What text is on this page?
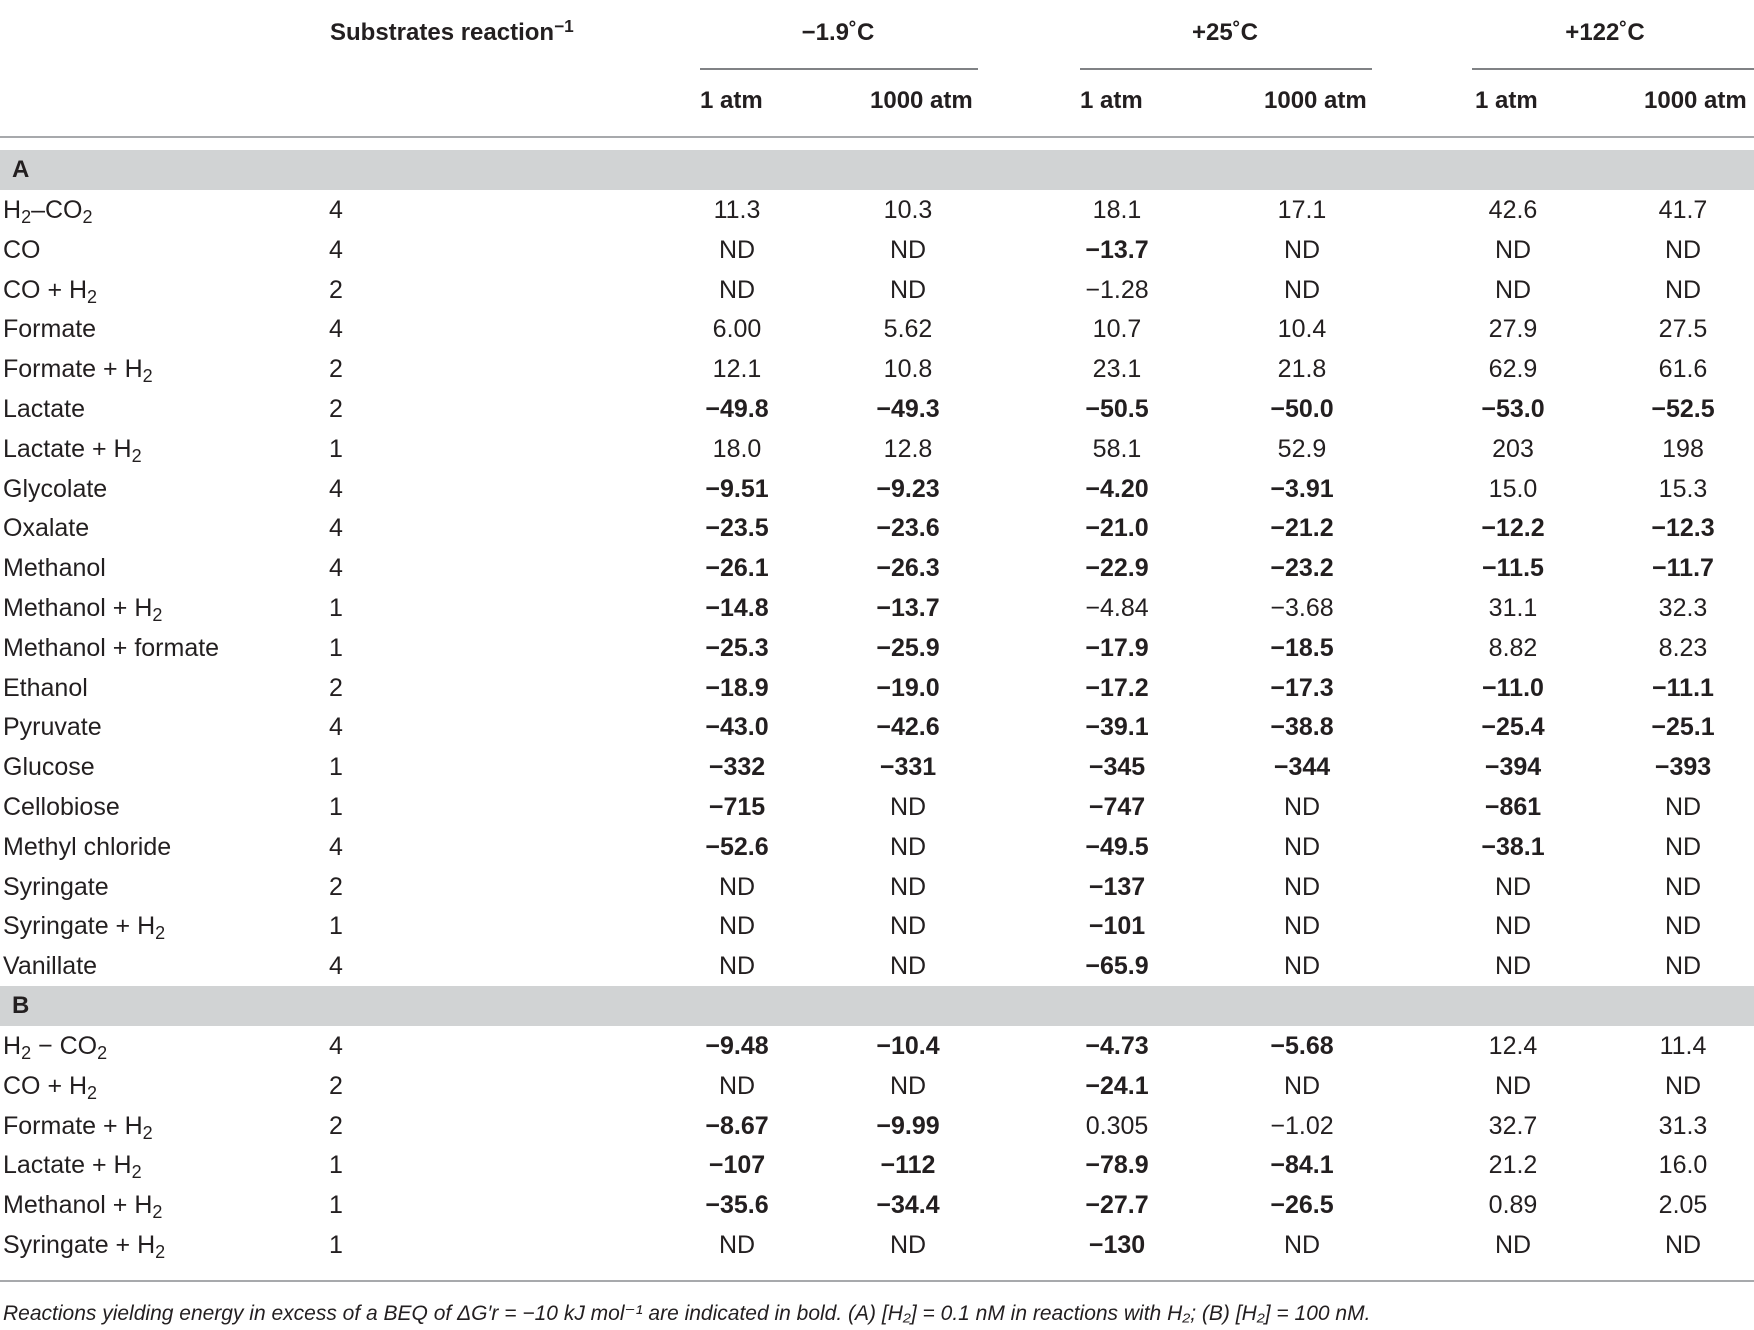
Substrates reaction$^{-1}$	−1.9˚C	+25˚C	+122˚C
1 atm	1000 atm	1 atm	1000 atm	1 atm	1000 atm
A
$H_2-CO_2$	4	11.3	10.3	18.1	17.1	42.6	41.7
CO	4	ND	ND	−13.7	ND	ND	ND
CO + $H_2$	2	ND	ND	−1.28	ND	ND	ND
Formate	4	6.00	5.62	10.7	10.4	27.9	27.5
Formate + $H_2$	2	12.1	10.8	23.1	21.8	62.9	61.6
Lactate	2	−49.8	−49.3	−50.5	−50.0	−53.0	−52.5
Lactate + $H_2$	1	18.0	12.8	58.1	52.9	203	198
Glycolate	4	−9.51	−9.23	−4.20	−3.91	15.0	15.3
Oxalate	4	−23.5	−23.6	−21.0	−21.2	−12.2	−12.3
Methanol	4	−26.1	−26.3	−22.9	−23.2	−11.5	−11.7
Methanol + $H_2$	1	−14.8	−13.7	−4.84	−3.68	31.1	32.3
Methanol + formate	1	−25.3	−25.9	−17.9	−18.5	8.82	8.23
Ethanol	2	−18.9	−19.0	−17.2	−17.3	−11.0	−11.1
Pyruvate	4	−43.0	−42.6	−39.1	−38.8	−25.4	−25.1
Glucose	1	−332	−331	−345	−344	−394	−393
Cellobiose	1	−715	ND	−747	ND	−861	ND
Methyl chloride	4	−52.6	ND	−49.5	ND	−38.1	ND
Syringate	2	ND	ND	−137	ND	ND	ND
Syringate + $H_2$	1	ND	ND	−101	ND	ND	ND
Vanillate	4	ND	ND	−65.9	ND	ND	ND
B
$H_2 - CO_2$	4	−9.48	−10.4	−4.73	−5.68	12.4	11.4
CO + $H_2$	2	ND	ND	−24.1	ND	ND	ND
Formate + $H_2$	2	−8.67	−9.99	0.305	−1.02	32.7	31.3
Lactate + $H_2$	1	−107	−112	−78.9	−84.1	21.2	16.0
Methanol + $H_2$	1	−35.6	−34.4	−27.7	−26.5	0.89	2.05
Syringate + $H_2$	1	ND	ND	−130	ND	ND	ND
Reactions yielding energy in excess of a BEQ of ΔG′r = −10 kJ mol⁻¹ are indicated in bold. (A) [H₂] = 0.1 nM in reactions with H₂; (B) [H₂] = 100 nM.
